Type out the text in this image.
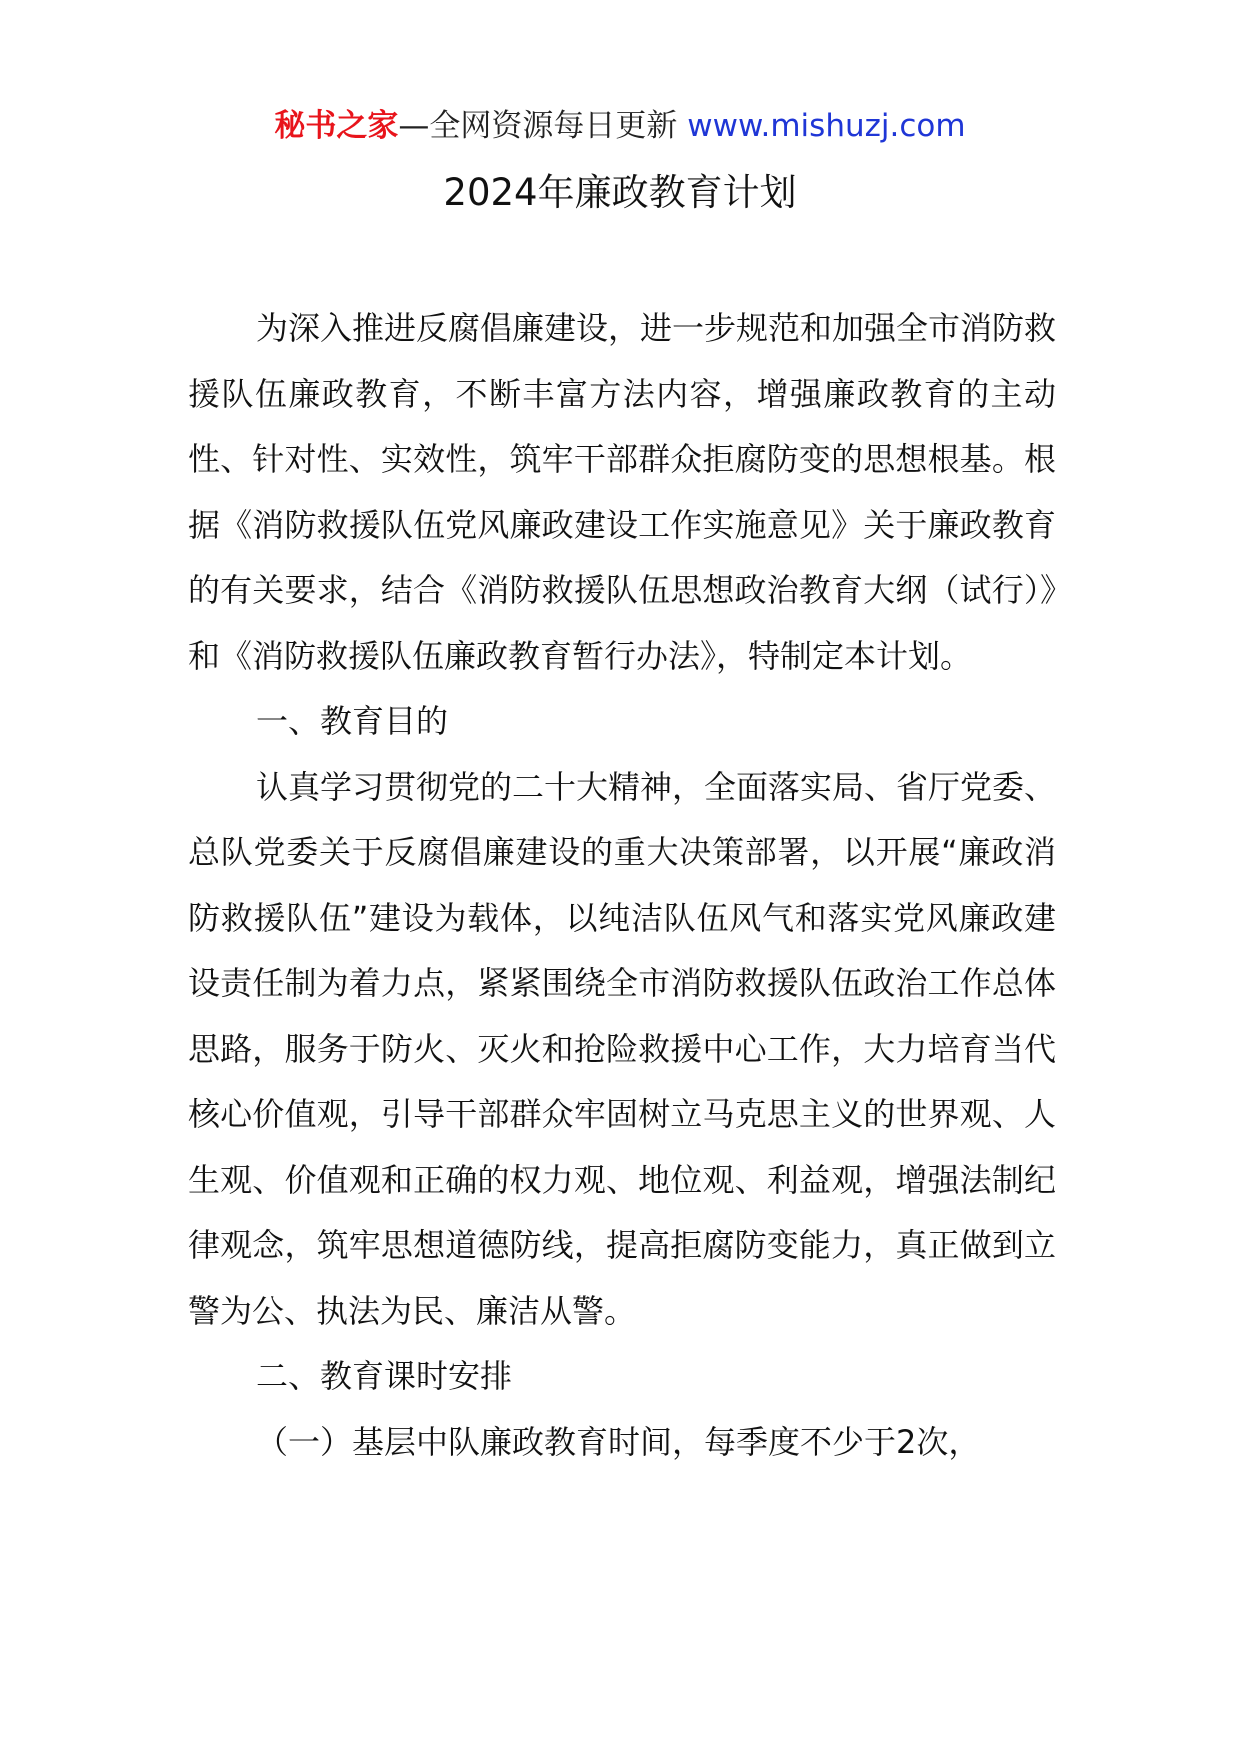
秘书之家—全网资源每日更新 www.mishuzj.com
2024年廉政教育计划

为深入推进反腐倡廉建设，进一步规范和加强全市消防救援队伍廉政教育，不断丰富方法内容，增强廉政教育的主动性、针对性、实效性，筑牢干部群众拒腐防变的思想根基。根据《消防救援队伍党风廉政建设工作实施意见》关于廉政教育的有关要求，结合《消防救援队伍思想政治教育大纲（试行）》和《消防救援队伍廉政教育暂行办法》，特制定本计划。

一、教育目的

认真学习贯彻党的二十大精神，全面落实局、省厅党委、总队党委关于反腐倡廉建设的重大决策部署，以开展“廉政消防救援队伍”建设为载体，以纯洁队伍风气和落实党风廉政建设责任制为着力点，紧紧围绕全市消防救援队伍政治工作总体思路，服务于防火、灭火和抢险救援中心工作，大力培育当代核心价值观，引导干部群众牢固树立马克思主义的世界观、人生观、价值观和正确的权力观、地位观、利益观，增强法制纪律观念，筑牢思想道德防线，提高拒腐防变能力，真正做到立警为公、执法为民、廉洁从警。

二、教育课时安排

（一）基层中队廉政教育时间，每季度不少于2次，
